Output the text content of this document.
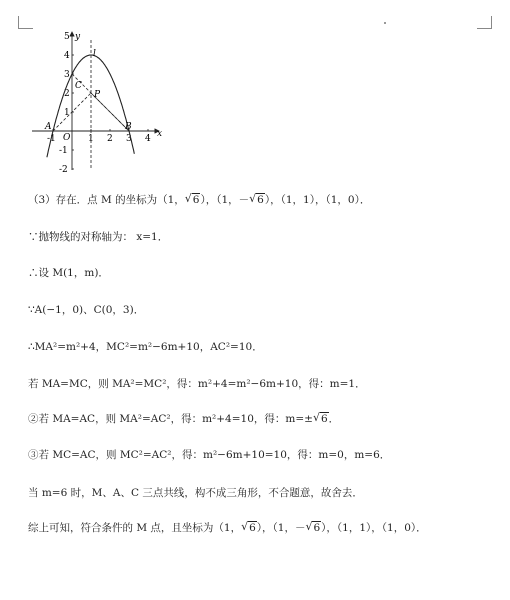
x
y
O
-1	1 2 3 4
5
4
3
2
1
-1
-2
A	B
C
P
l
（3）存在．点 M 的坐标为（1， √ 6），（1，－ √ 6），（1，1），（1，0）．
∵抛物线的对称轴为： x=1．
∴设 M(1，m)．
∵A(−1，0)、C(0，3)．
∴MA²=m²+4，MC²=m²−6m+10，AC²=10．
若 MA=MC，则 MA²=MC²，得：m²+4=m²−6m+10，得：m=1．
②若 MA=AC，则 MA²=AC²，得：m²+4=10，得：m=± √ 6．
③若 MC=AC，则 MC²=AC²，得：m²−6m+10=10，得：m=0，m=6．
当 m=6 时，M、A、C 三点共线，构不成三角形，不合题意，故舍去．
综上可知，符合条件的 M 点，且坐标为（1， √ 6），（1，－ √ 6），（1，1），（1，0）．
